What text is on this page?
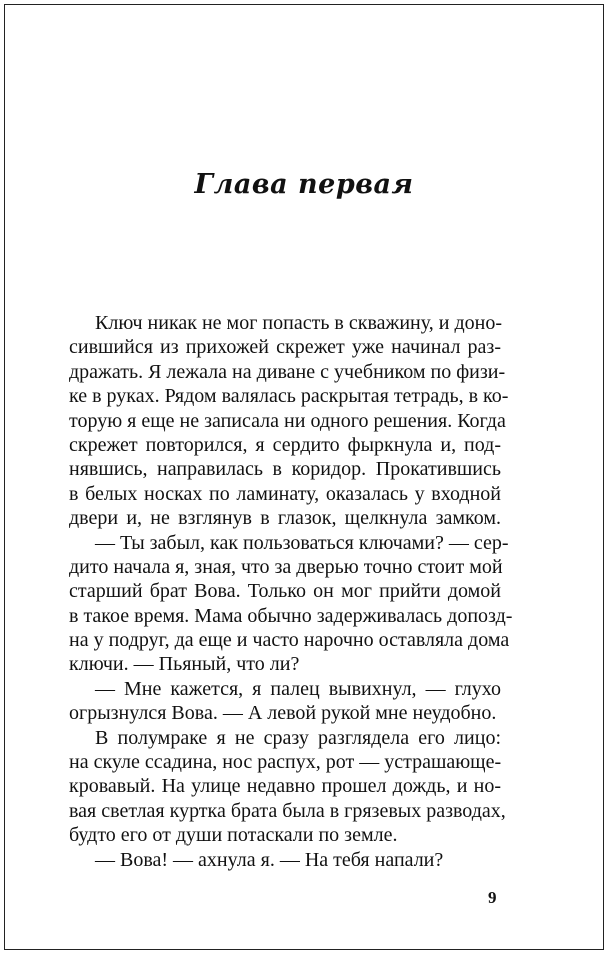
Глава первая
Ключ никак не мог попасть в скважину, и доно-
сившийся из прихожей скрежет уже начинал раз-
дражать. Я лежала на диване с учебником по физи-
ке в руках. Рядом валялась раскрытая тетрадь, в ко-
торую я еще не записала ни одного решения. Когда
скрежет повторился, я сердито фыркнула и, под-
нявшись, направилась в коридор. Прокатившись
в белых носках по ламинату, оказалась у входной
двери и, не взглянув в глазок, щелкнула замком.
— Ты забыл, как пользоваться ключами? — сер-
дито начала я, зная, что за дверью точно стоит мой
старший брат Вова. Только он мог прийти домой
в такое время. Мама обычно задерживалась допозд-
на у подруг, да еще и часто нарочно оставляла дома
ключи. — Пьяный, что ли?
— Мне кажется, я палец вывихнул, — глухо
огрызнулся Вова. — А левой рукой мне неудобно.
В полумраке я не сразу разглядела его лицо:
на скуле ссадина, нос распух, рот — устрашающе-
кровавый. На улице недавно прошел дождь, и но-
вая светлая куртка брата была в грязевых разводах,
будто его от души потаскали по земле.
— Вова! — ахнула я. — На тебя напали?
9
